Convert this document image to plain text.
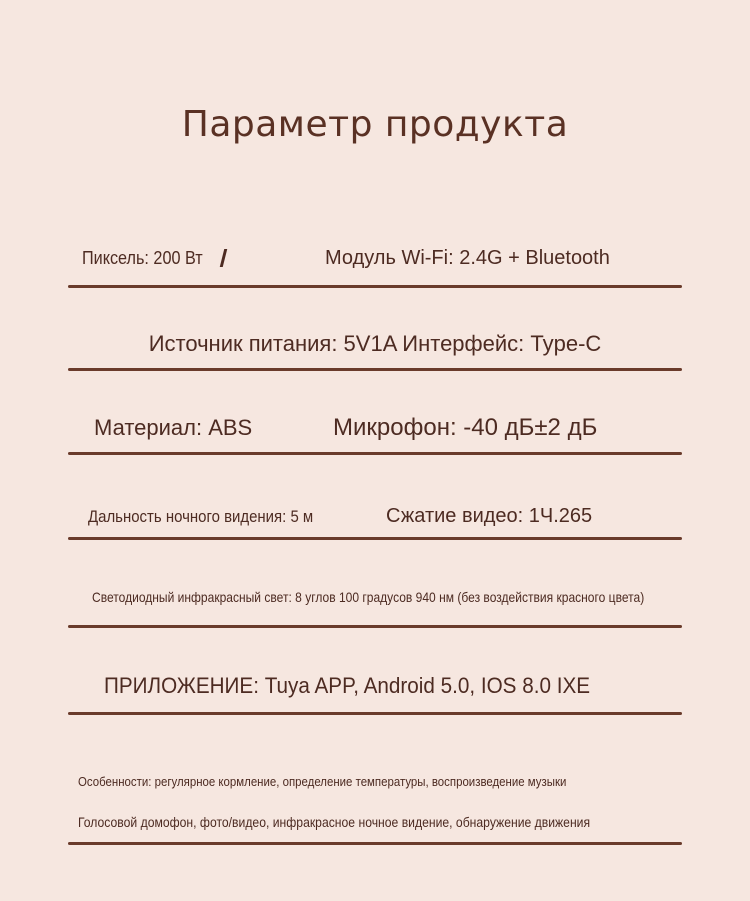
Параметр продукта
Пиксель: 200 Вт	Модуль Wi-Fi: 2.4G + Bluetooth
Источник питания: 5V1A Интерфейс: Type-C
Материал: ABS	Микрофон: -40 дБ±2 дБ
Дальность ночного видения: 5 м	Сжатие видео: 1Ч.265
Светодиодный инфракрасный свет: 8 углов 100 градусов 940 нм (без воздействия красного цвета)
ПРИЛОЖЕНИЕ: Tuya APP, Android 5.0, IOS 8.0 IXE
Особенности: регулярное кормление, определение температуры, воспроизведение музыки
Голосовой домофон, фото/видео, инфракрасное ночное видение, обнаружение движения
